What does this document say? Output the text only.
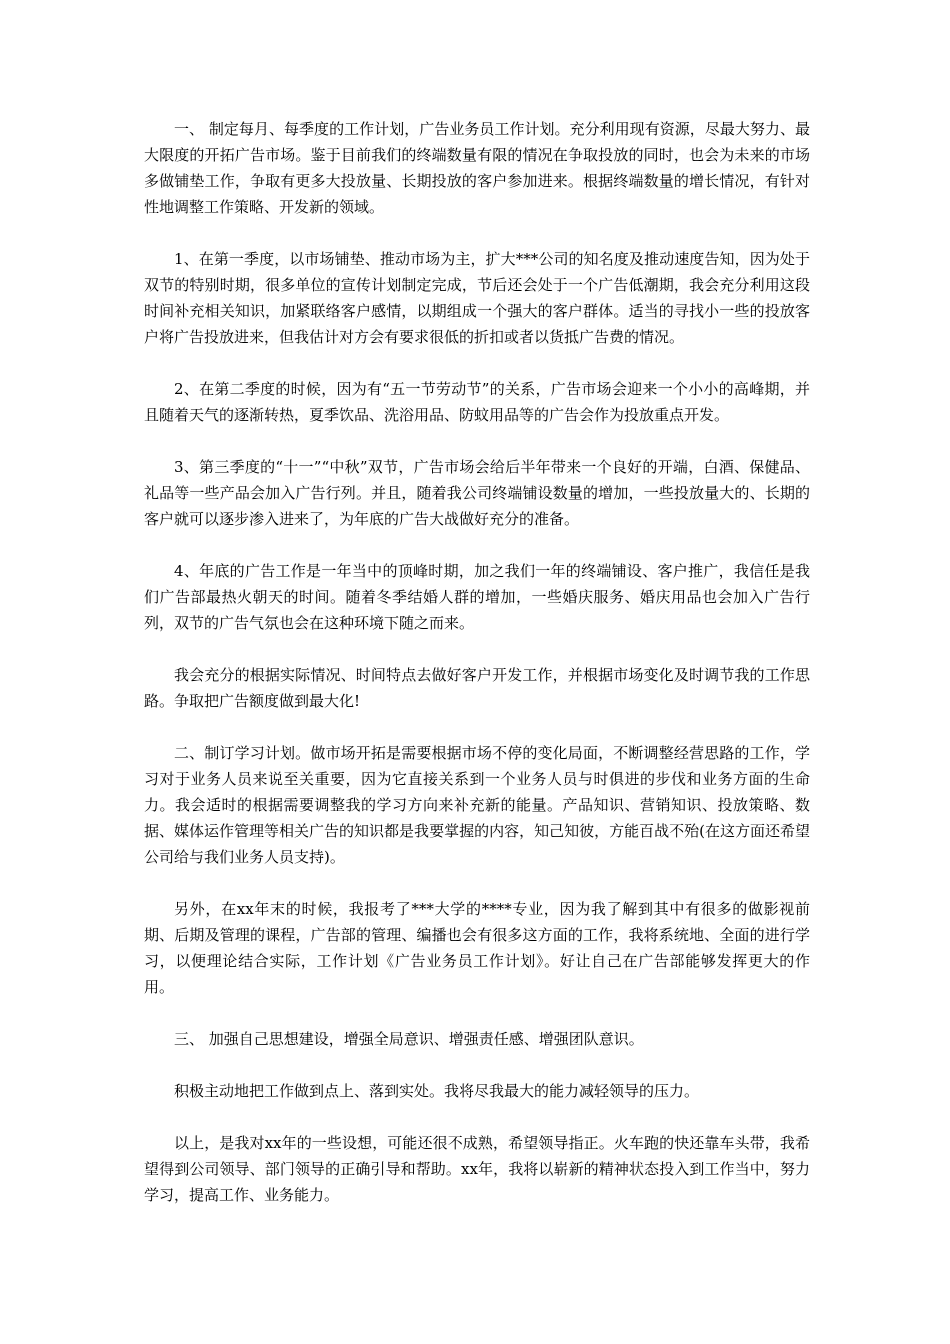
一、 制定每月、每季度的工作计划，广告业务员工作计划。充分利用现有资源，尽最大努力、最大限度的开拓广告市场。鉴于目前我们的终端数量有限的情况在争取投放的同时，也会为未来的市场多做铺垫工作，争取有更多大投放量、长期投放的客户参加进来。根据终端数量的增长情况，有针对性地调整工作策略、开发新的领域。

1、在第一季度，以市场铺垫、推动市场为主，扩大***公司的知名度及推动速度告知，因为处于双节的特别时期，很多单位的宣传计划制定完成，节后还会处于一个广告低潮期，我会充分利用这段时间补充相关知识，加紧联络客户感情，以期组成一个强大的客户群体。适当的寻找小一些的投放客户将广告投放进来，但我估计对方会有要求很低的折扣或者以货抵广告费的情况。

2、在第二季度的时候，因为有“五一节劳动节”的关系，广告市场会迎来一个小小的高峰期，并且随着天气的逐渐转热，夏季饮品、洗浴用品、防蚊用品等的广告会作为投放重点开发。

3、第三季度的“十一”“中秋”双节，广告市场会给后半年带来一个良好的开端，白酒、保健品、礼品等一些产品会加入广告行列。并且，随着我公司终端铺设数量的增加，一些投放量大的、长期的客户就可以逐步渗入进来了，为年底的广告大战做好充分的准备。

4、年底的广告工作是一年当中的顶峰时期，加之我们一年的终端铺设、客户推广，我信任是我们广告部最热火朝天的时间。随着冬季结婚人群的增加，一些婚庆服务、婚庆用品也会加入广告行列，双节的广告气氛也会在这种环境下随之而来。

我会充分的根据实际情况、时间特点去做好客户开发工作，并根据市场变化及时调节我的工作思路。争取把广告额度做到最大化!

二、制订学习计划。做市场开拓是需要根据市场不停的变化局面，不断调整经营思路的工作，学习对于业务人员来说至关重要，因为它直接关系到一个业务人员与时俱进的步伐和业务方面的生命力。我会适时的根据需要调整我的学习方向来补充新的能量。产品知识、营销知识、投放策略、数据、媒体运作管理等相关广告的知识都是我要掌握的内容，知己知彼，方能百战不殆(在这方面还希望公司给与我们业务人员支持)。

另外，在xx年末的时候，我报考了***大学的****专业，因为我了解到其中有很多的做影视前期、后期及管理的课程，广告部的管理、编播也会有很多这方面的工作，我将系统地、全面的进行学习，以便理论结合实际，工作计划《广告业务员工作计划》。好让自己在广告部能够发挥更大的作用。

三、 加强自己思想建设，增强全局意识、增强责任感、增强团队意识。

积极主动地把工作做到点上、落到实处。我将尽我最大的能力减轻领导的压力。

以上，是我对xx年的一些设想，可能还很不成熟，希望领导指正。火车跑的快还靠车头带，我希望得到公司领导、部门领导的正确引导和帮助。xx年，我将以崭新的精神状态投入到工作当中，努力学习，提高工作、业务能力。
